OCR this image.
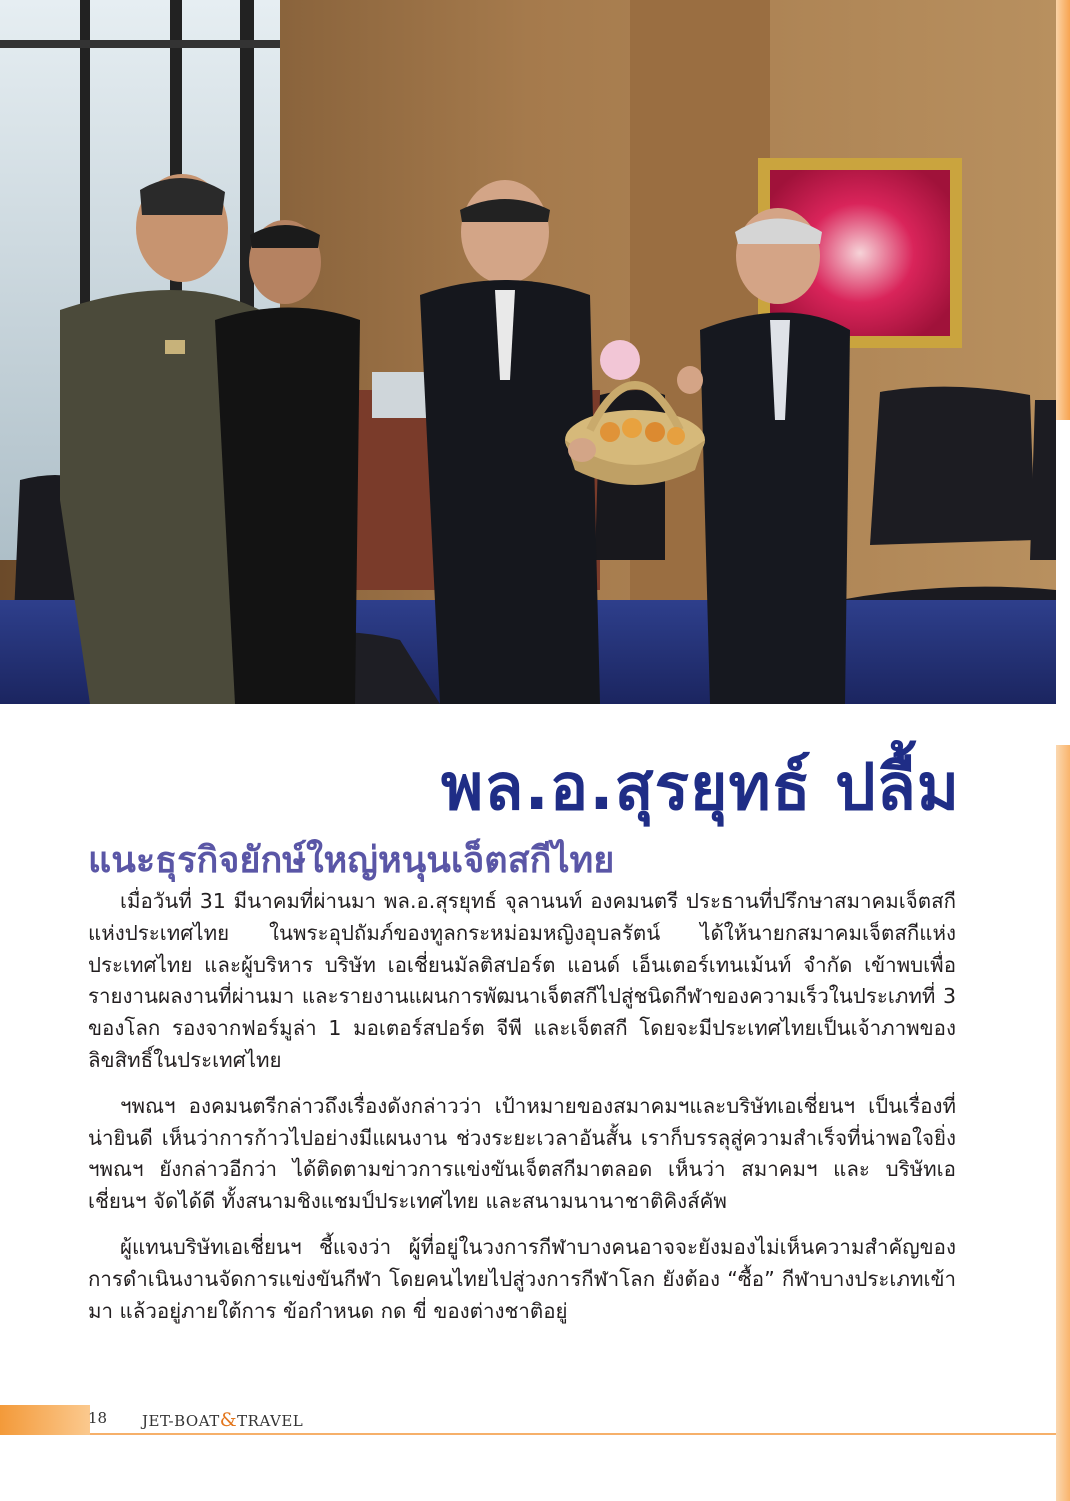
พล.อ.สุรยุทธ์ ปลื้ม
แนะธุรกิจยักษ์ใหญ่หนุนเจ็ตสกีไทย

เมื่อวันที่ 31 มีนาคมที่ผ่านมา พล.อ.สุรยุทธ์ จุลานนท์ องคมนตรี ประธานที่ปรึกษาสมาคมเจ็ตสกีแห่งประเทศไทย ในพระอุปถัมภ์ของทูลกระหม่อมหญิงอุบลรัตน์ ได้ให้นายกสมาคมเจ็ตสกีแห่งประเทศไทย และผู้บริหาร บริษัท เอเชี่ยนมัลติสปอร์ต แอนด์ เอ็นเตอร์เทนเม้นท์ จำกัด เข้าพบเพื่อรายงานผลงานที่ผ่านมา และรายงานแผนการพัฒนาเจ็ตสกีไปสู่ชนิดกีฬาของความเร็วในประเภทที่ 3 ของโลก รองจากฟอร์มูล่า 1 มอเตอร์สปอร์ต จีพี และเจ็ตสกี โดยจะมีประเทศไทยเป็นเจ้าภาพของลิขสิทธิ์ในประเทศไทย

ฯพณฯ องคมนตรีกล่าวถึงเรื่องดังกล่าวว่า เป้าหมายของสมาคมฯและบริษัทเอเชี่ยนฯ เป็นเรื่องที่น่ายินดี เห็นว่าการก้าวไปอย่างมีแผนงาน ช่วงระยะเวลาอันสั้น เราก็บรรลุสู่ความสำเร็จที่น่าพอใจยิ่ง ฯพณฯ ยังกล่าวอีกว่า ได้ติดตามข่าวการแข่งขันเจ็ตสกีมาตลอด เห็นว่า สมาคมฯ และ บริษัทเอเชี่ยนฯ จัดได้ดี ทั้งสนามชิงแชมป์ประเทศไทย และสนามนานาชาติคิงส์คัพ

ผู้แทนบริษัทเอเชี่ยนฯ ชี้แจงว่า ผู้ที่อยู่ในวงการกีฬาบางคนอาจจะยังมองไม่เห็นความสำคัญของการดำเนินงานจัดการแข่งขันกีฬา โดยคนไทยไปสู่วงการกีฬาโลก ยังต้อง “ซื้อ” กีฬาบางประเภทเข้ามา แล้วอยู่ภายใต้การ ข้อกำหนด กด ขี่ ของต่างชาติอยู่

18 JET-BOAT&TRAVEL
